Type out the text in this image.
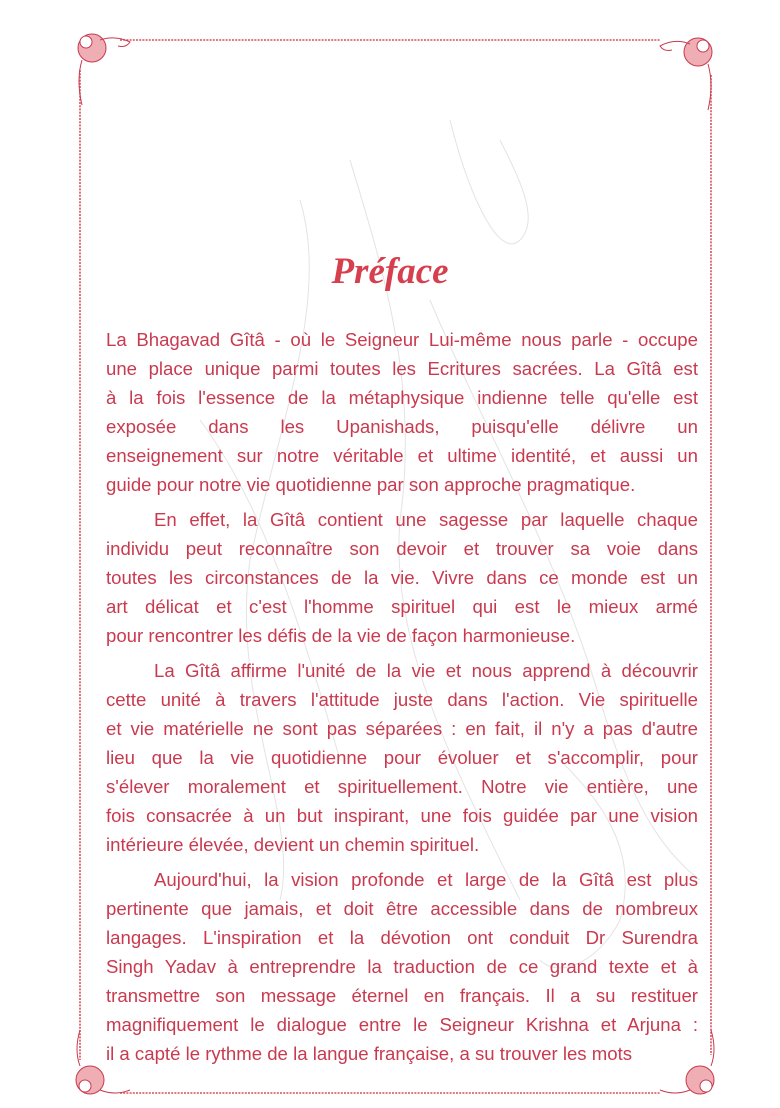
Préface
La Bhagavad Gîtâ - où le Seigneur Lui-même nous parle - occupe
une place unique parmi toutes les Ecritures sacrées. La Gîtâ est
à la fois l'essence de la métaphysique indienne telle qu'elle est
exposée dans les Upanishads, puisqu'elle délivre un
enseignement sur notre véritable et ultime identité, et aussi un
guide pour notre vie quotidienne par son approche pragmatique.
En effet, la Gîtâ contient une sagesse par laquelle chaque
individu peut reconnaître son devoir et trouver sa voie dans
toutes les circonstances de la vie. Vivre dans ce monde est un
art délicat et c'est l'homme spirituel qui est le mieux armé
pour rencontrer les défis de la vie de façon harmonieuse.
La Gîtâ affirme l'unité de la vie et nous apprend à découvrir
cette unité à travers l'attitude juste dans l'action. Vie spirituelle
et vie matérielle ne sont pas séparées : en fait, il n'y a pas d'autre
lieu que la vie quotidienne pour évoluer et s'accomplir, pour
s'élever moralement et spirituellement. Notre vie entière, une
fois consacrée à un but inspirant, une fois guidée par une vision
intérieure élevée, devient un chemin spirituel.
Aujourd'hui, la vision profonde et large de la Gîtâ est plus
pertinente que jamais, et doit être accessible dans de nombreux
langages. L'inspiration et la dévotion ont conduit Dr Surendra
Singh Yadav à entreprendre la traduction de ce grand texte et à
transmettre son message éternel en français. Il a su restituer
magnifiquement le dialogue entre le Seigneur Krishna et Arjuna :
il a capté le rythme de la langue française, a su trouver les mots
